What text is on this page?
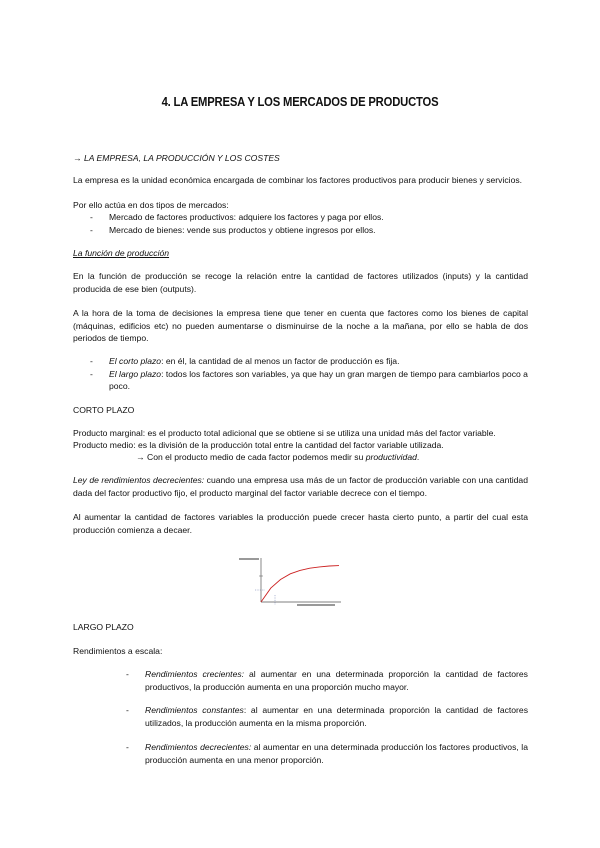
4. LA EMPRESA Y LOS MERCADOS DE PRODUCTOS
→ LA EMPRESA, LA PRODUCCIÓN Y LOS COSTES
La empresa es la unidad económica encargada de combinar los factores productivos para producir bienes y servicios.
Por ello actúa en dos tipos de mercados:
- Mercado de factores productivos: adquiere los factores y paga por ellos.
- Mercado de bienes: vende sus productos y obtiene ingresos por ellos.
La función de producción
En la función de producción se recoge la relación entre la cantidad de factores utilizados (inputs) y la cantidad producida de ese bien (outputs).
A la hora de la toma de decisiones la empresa tiene que tener en cuenta que factores como los bienes de capital (máquinas, edificios etc) no pueden aumentarse o disminuirse de la noche a la mañana, por ello se habla de dos periodos de tiempo.
- El corto plazo: en él, la cantidad de al menos un factor de producción es fija.
- El largo plazo: todos los factores son variables, ya que hay un gran margen de tiempo para cambiarlos poco a poco.
CORTO PLAZO
Producto marginal: es el producto total adicional que se obtiene si se utiliza una unidad más del factor variable.
Producto medio: es la división de la producción total entre la cantidad del factor variable utilizada.
→ Con el producto medio de cada factor podemos medir su productividad.
Ley de rendimientos decrecientes: cuando una empresa usa más de un factor de producción variable con una cantidad dada del factor productivo fijo, el producto marginal del factor variable decrece con el tiempo.
Al aumentar la cantidad de factores variables la producción puede crecer hasta cierto punto, a partir del cual esta producción comienza a decaer.
LARGO PLAZO
Rendimientos a escala:
- Rendimientos crecientes: al aumentar en una determinada proporción la cantidad de factores productivos, la producción aumenta en una proporción mucho mayor.
- Rendimientos constantes: al aumentar en una determinada proporción la cantidad de factores utilizados, la producción aumenta en la misma proporción.
- Rendimientos decrecientes: al aumentar en una determinada producción los factores productivos, la producción aumenta en una menor proporción.
